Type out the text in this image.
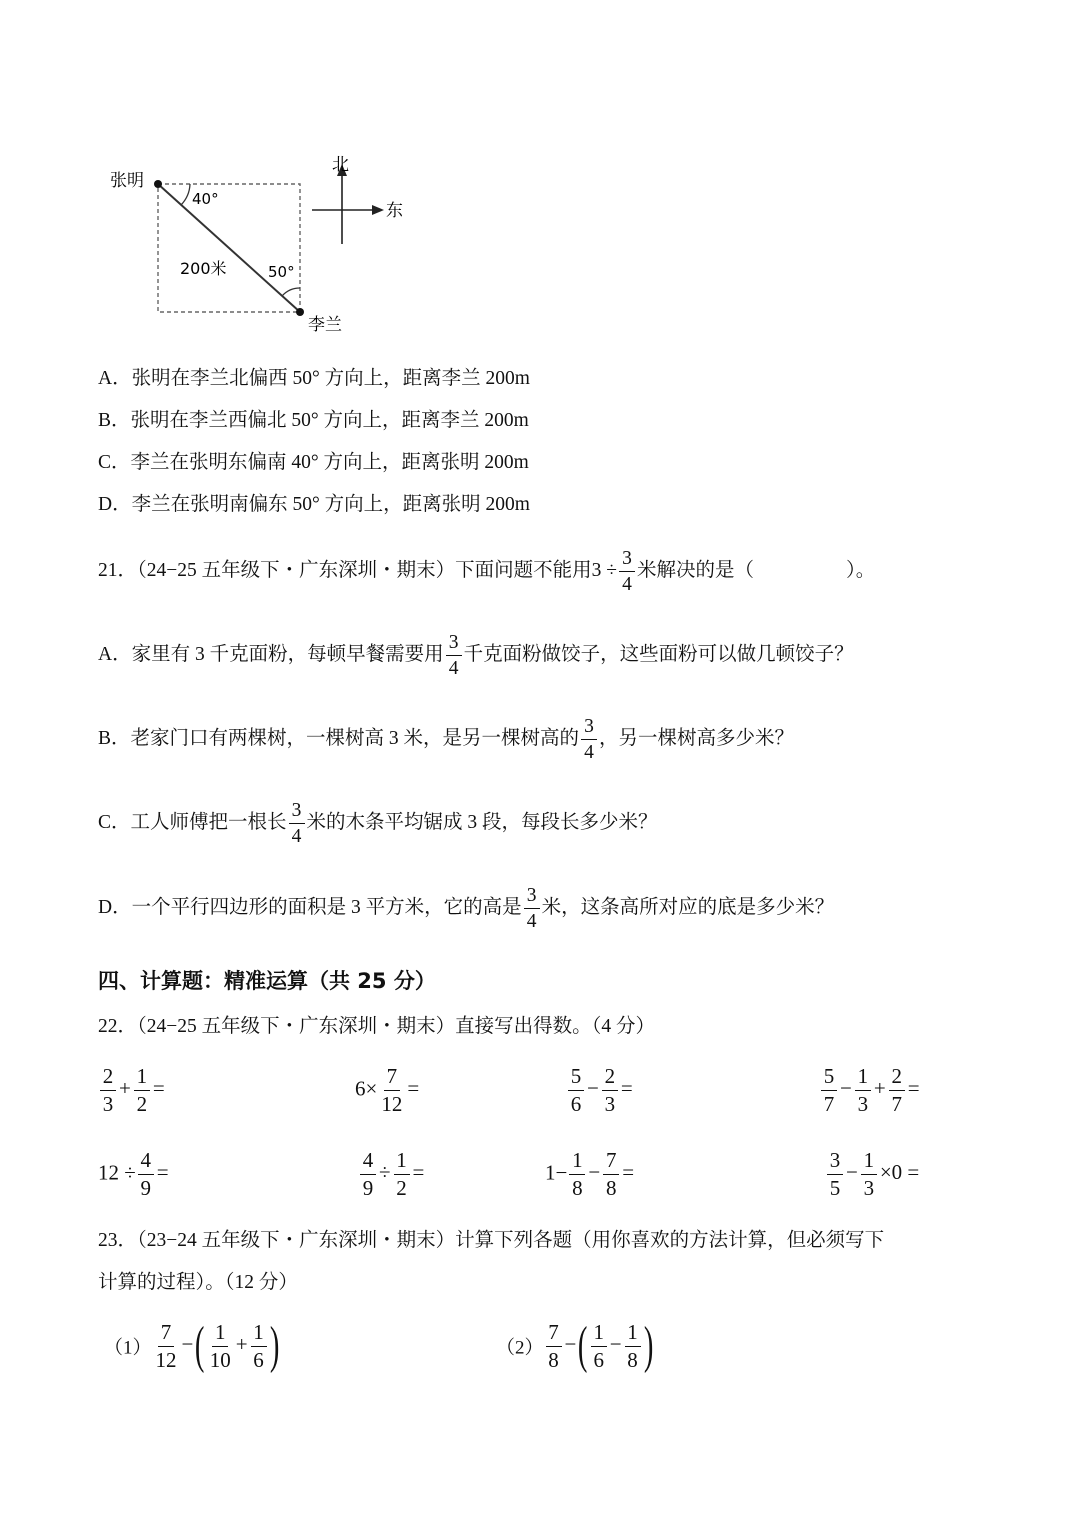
张明
李兰
40°
50°
200米
北
东
A．张明在李兰北偏西 50° 方向上，距离李兰 200m
B．张明在李兰西偏北 50° 方向上，距离李兰 200m
C．李兰在张明东偏南 40° 方向上，距离张明 200m
D．李兰在张明南偏东 50° 方向上，距离张明 200m
21．（24−25 五年级下・广东深圳・期末）下面问题不能用$3 \div \frac{3}{4}$ 米解决的是（	）。
A．家里有 3 千克面粉，每顿早餐需要用 $\frac{3}{4}$ 千克面粉做饺子，这些面粉可以做几顿饺子？
B．老家门口有两棵树，一棵树高 3 米，是另一棵树高的 $\frac{3}{4}$ ，另一棵树高多少米？
C．工人师傅把一根长 $\frac{3}{4}$ 米的木条平均锯成 3 段，每段长多少米？
D．一个平行四边形的面积是 3 平方米，它的高是 $\frac{3}{4}$ 米，这条高所对应的底是多少米？
四、计算题：精准运算（共 25 分）
22．（24−25 五年级下・广东深圳・期末）直接写出得数。（4 分）
$\frac{2}{3} + \frac{1}{2}$ =	$6\times \frac{7}{12}$ =	$\frac{5}{6} - \frac{2}{3}$ =	$\frac{5}{7} - \frac{1}{3} + \frac{2}{7}$ =
$12 \div \frac{4}{9}$ =	$\frac{4}{9} \div \frac{1}{2}$ =	$1- \frac{1}{8} - \frac{7}{8}$ =	$\frac{3}{5} - \frac{1}{3} \times 0$ =
23．（23−24 五年级下・广东深圳・期末）计算下列各题（用你喜欢的方法计算，但必须写下
计算的过程）。（12 分）
$(1) \frac{7}{12}$ −( $\frac{1}{10} + \frac{1}{6}$ )	$(2) \frac{7}{8}$ −( $\frac{1}{6} - \frac{1}{8}$ )
